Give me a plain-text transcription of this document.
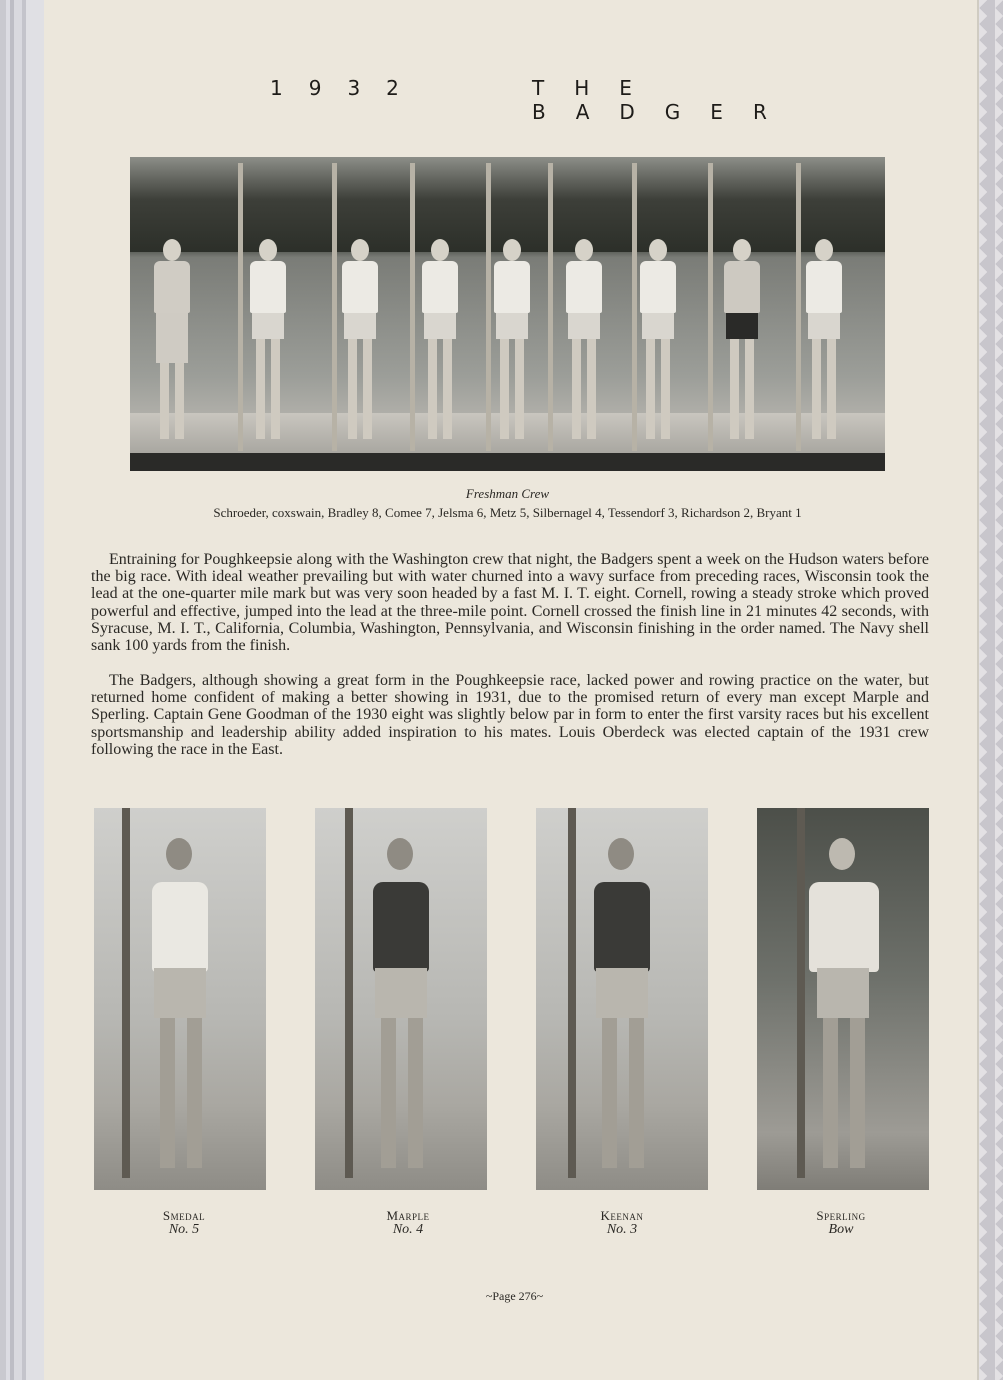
1932	THE BADGER
Freshman Crew
Schroeder, coxswain, Bradley 8, Comee 7, Jelsma 6, Metz 5, Silbernagel 4, Tessendorf 3, Richardson 2, Bryant 1

Entraining for Poughkeepsie along with the Washington crew that night, the Badgers spent a week on the Hudson waters before the big race. With ideal weather prevailing but with water churned into a wavy surface from preceding races, Wisconsin took the lead at the one-quarter mile mark but was very soon headed by a fast M. I. T. eight. Cornell, rowing a steady stroke which proved powerful and effective, jumped into the lead at the three-mile point. Cornell crossed the finish line in 21 minutes 42 seconds, with Syracuse, M. I. T., California, Columbia, Washington, Pennsylvania, and Wisconsin finishing in the order named. The Navy shell sank 100 yards from the finish.

The Badgers, although showing a great form in the Poughkeepsie race, lacked power and rowing practice on the water, but returned home confident of making a better showing in 1931, due to the promised return of every man except Marple and Sperling. Captain Gene Goodman of the 1930 eight was slightly below par in form to enter the first varsity races but his excellent sportsmanship and leadership ability added inspiration to his mates. Louis Oberdeck was elected captain of the 1931 crew following the race in the East.

Smedal
No. 5
Marple
No. 4
Keenan
No. 3
Sperling
Bow
~Page 276~
